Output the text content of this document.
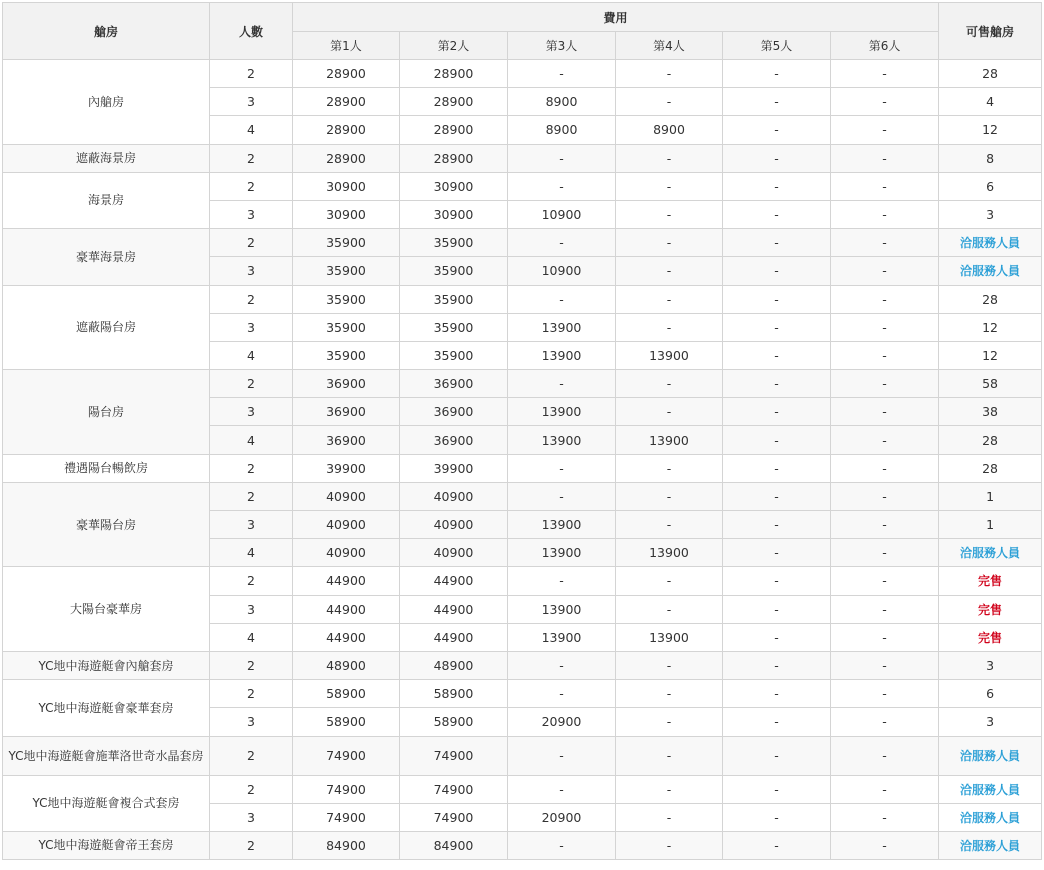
艙房	人數	費用						可售艙房
		第1人	第2人	第3人	第4人	第5人	第6人	
內艙房	2	28900	28900	-	-	-	-	28
	3	28900	28900	8900	-	-	-	4
	4	28900	28900	8900	8900	-	-	12
遮蔽海景房	2	28900	28900	-	-	-	-	8
海景房	2	30900	30900	-	-	-	-	6
	3	30900	30900	10900	-	-	-	3
豪華海景房	2	35900	35900	-	-	-	-	洽服務人員
	3	35900	35900	10900	-	-	-	洽服務人員
遮蔽陽台房	2	35900	35900	-	-	-	-	28
	3	35900	35900	13900	-	-	-	12
	4	35900	35900	13900	13900	-	-	12
陽台房	2	36900	36900	-	-	-	-	58
	3	36900	36900	13900	-	-	-	38
	4	36900	36900	13900	13900	-	-	28
禮遇陽台暢飲房	2	39900	39900	-	-	-	-	28
豪華陽台房	2	40900	40900	-	-	-	-	1
	3	40900	40900	13900	-	-	-	1
	4	40900	40900	13900	13900	-	-	洽服務人員
大陽台豪華房	2	44900	44900	-	-	-	-	完售
	3	44900	44900	13900	-	-	-	完售
	4	44900	44900	13900	13900	-	-	完售
YC地中海遊艇會內艙套房	2	48900	48900	-	-	-	-	3
YC地中海遊艇會豪華套房	2	58900	58900	-	-	-	-	6
	3	58900	58900	20900	-	-	-	3
YC地中海遊艇會施華洛世奇水晶套房	2	74900	74900	-	-	-	-	洽服務人員
YC地中海遊艇會複合式套房	2	74900	74900	-	-	-	-	洽服務人員
	3	74900	74900	20900	-	-	-	洽服務人員
YC地中海遊艇會帝王套房	2	84900	84900	-	-	-	-	洽服務人員
